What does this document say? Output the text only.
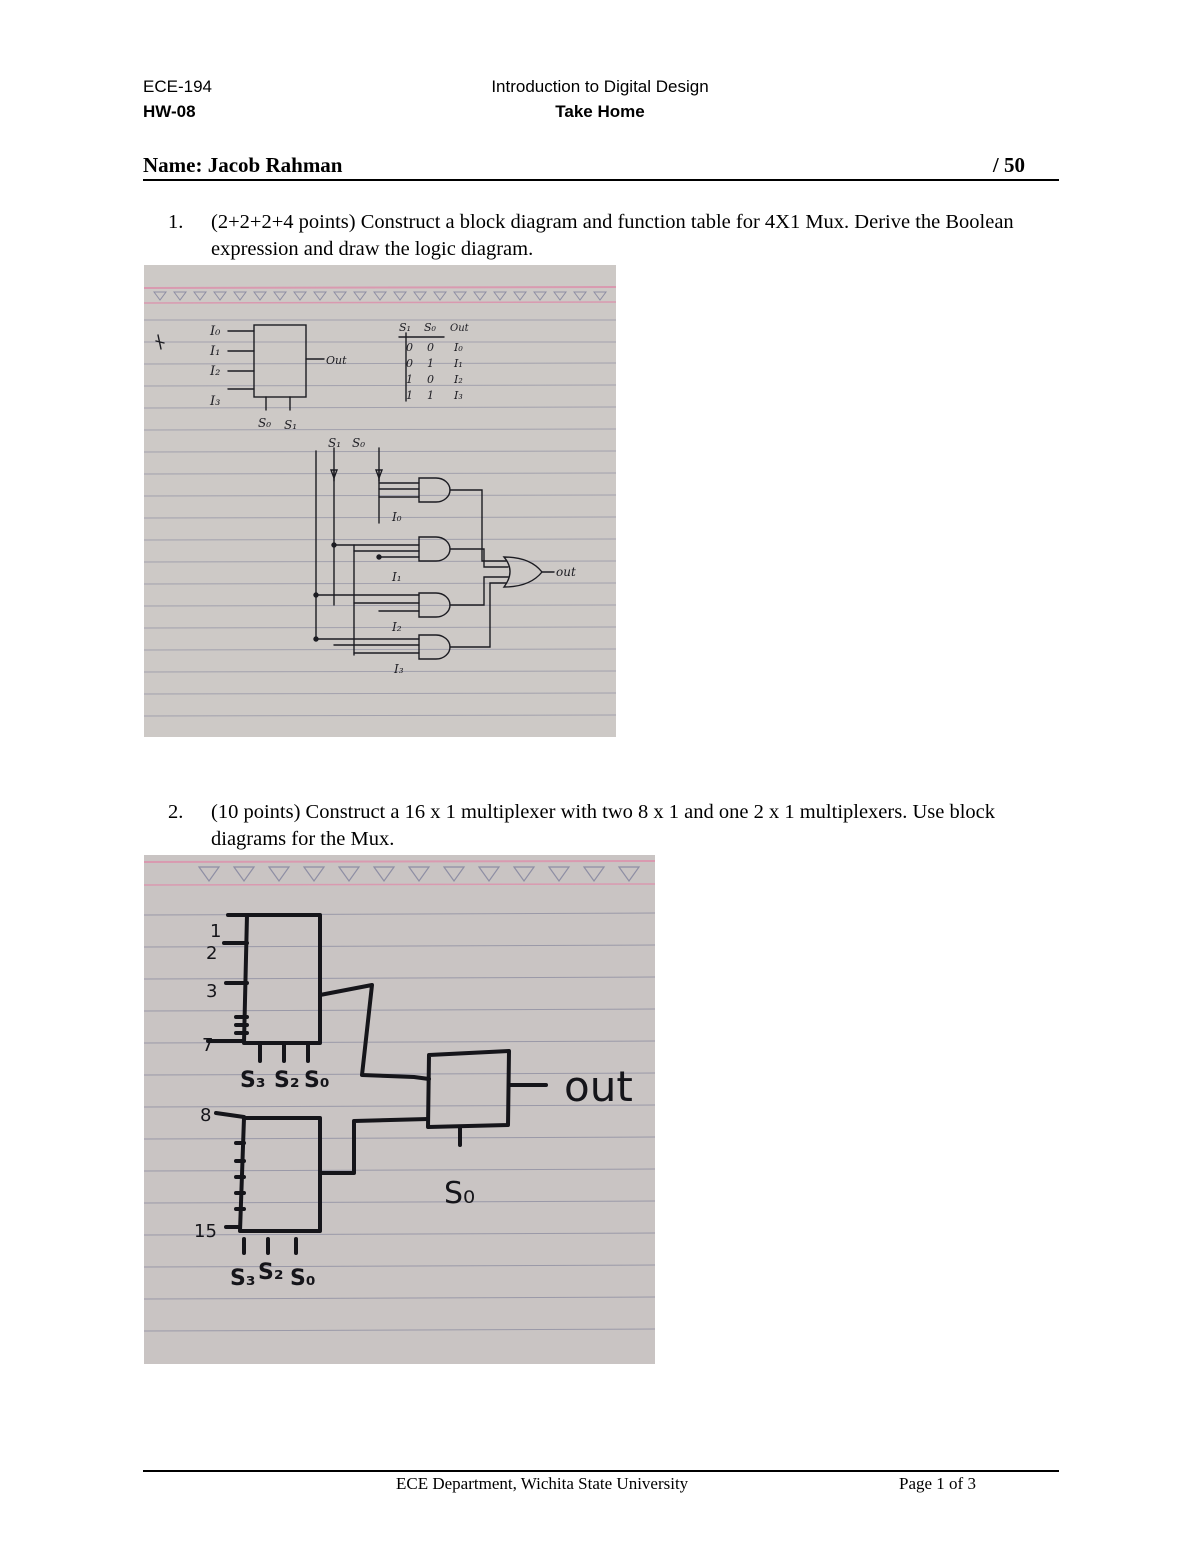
ECE-194
HW-08
Introduction to Digital Design
Take Home
Name: Jacob Rahman	/ 50
1. (2+2+2+4 points) Construct a block diagram and function table for 4X1 Mux. Derive the Boolean expression and draw the logic diagram.
I₀
I₁
I₂
I₃
Out
S₀ S₁
S₁ S₀ Out
0 0 I₀
0 1 I₁
1 0 I₂
1 1 I₃
S₁ S₀
I₀
I₁
I₂
I₃
out
2. (10 points) Construct a 16 x 1 multiplexer with two 8 x 1 and one 2 x 1 multiplexers. Use block diagrams for the Mux.
1
2
3
7
S₃ S₂ S₀
8
15
S₃ S₂ S₀
S₀
out
ECE Department, Wichita State University	Page 1 of 3
